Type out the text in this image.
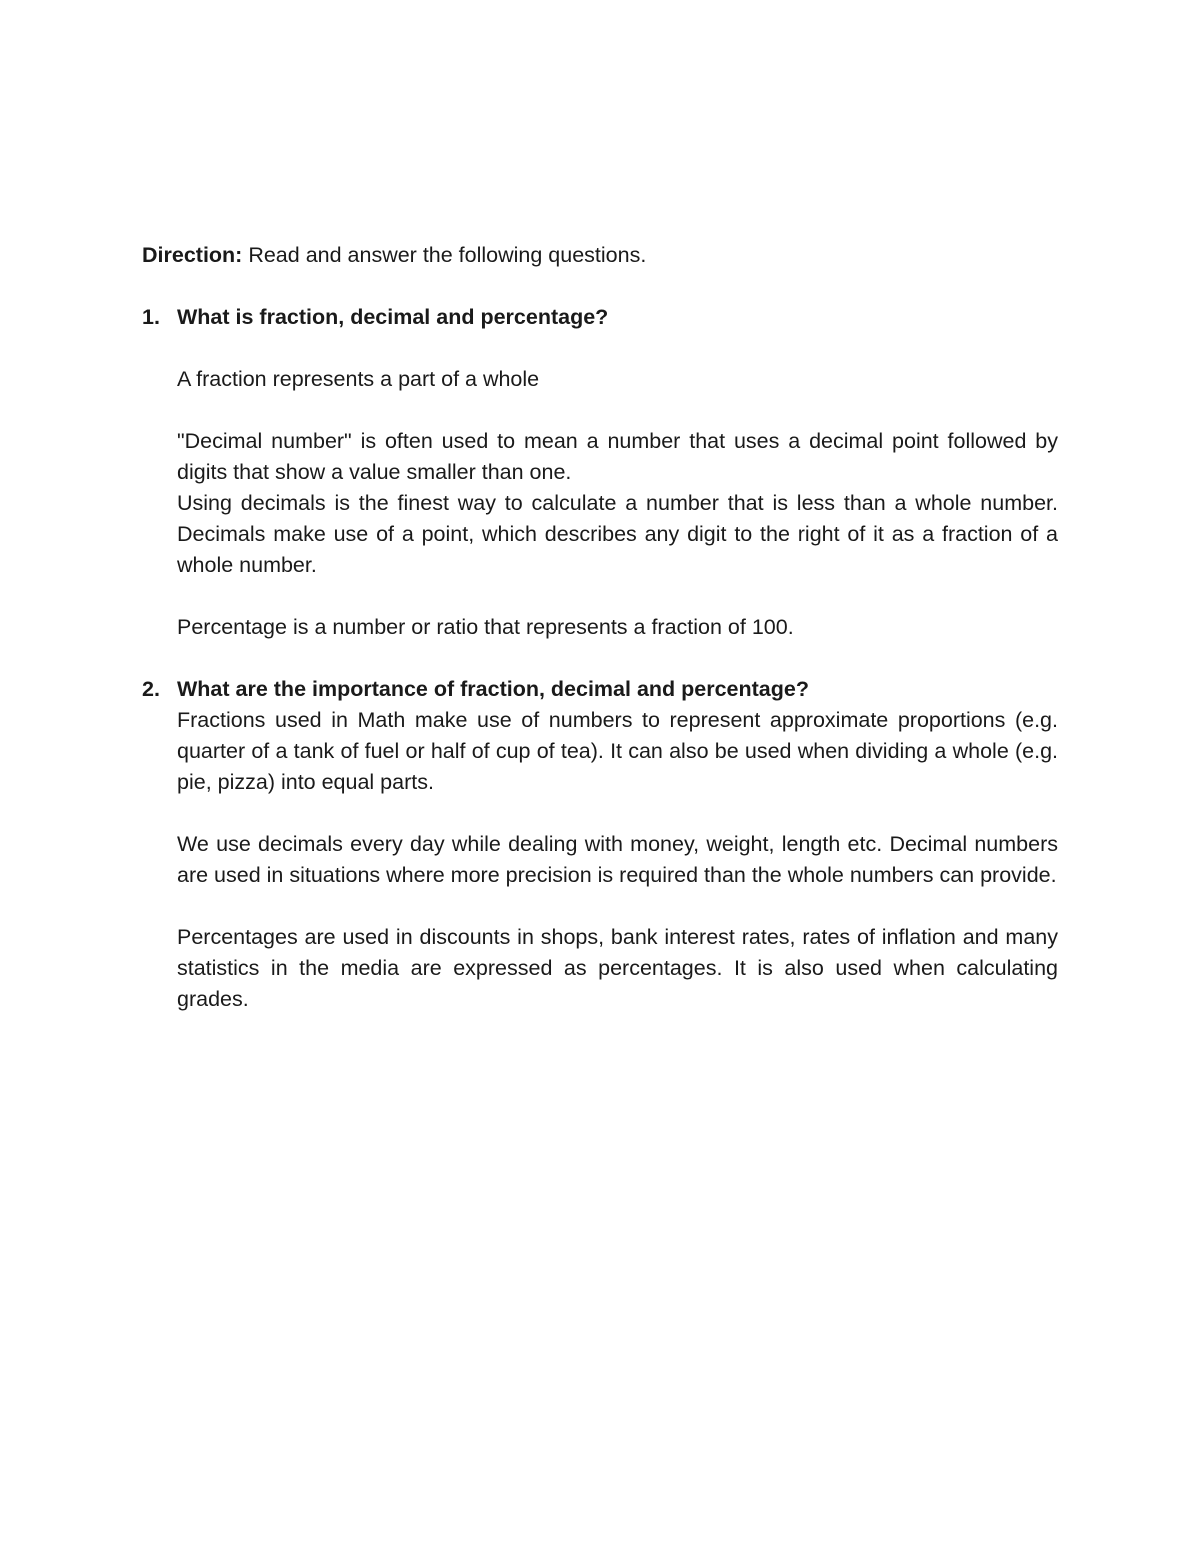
Direction: Read and answer the following questions.

1. What is fraction, decimal and percentage?

A fraction represents a part of a whole

"Decimal number" is often used to mean a number that uses a decimal point followed by digits that show a value smaller than one.

Using decimals is the finest way to calculate a number that is less than a whole number. Decimals make use of a point, which describes any digit to the right of it as a fraction of a whole number.

Percentage is a number or ratio that represents a fraction of 100.

2. What are the importance of fraction, decimal and percentage?

Fractions used in Math make use of numbers to represent approximate proportions (e.g. quarter of a tank of fuel or half of cup of tea). It can also be used when dividing a whole (e.g. pie, pizza) into equal parts.

We use decimals every day while dealing with money, weight, length etc. Decimal numbers are used in situations where more precision is required than the whole numbers can provide.

Percentages are used in discounts in shops, bank interest rates, rates of inflation and many statistics in the media are expressed as percentages. It is also used when calculating grades.
